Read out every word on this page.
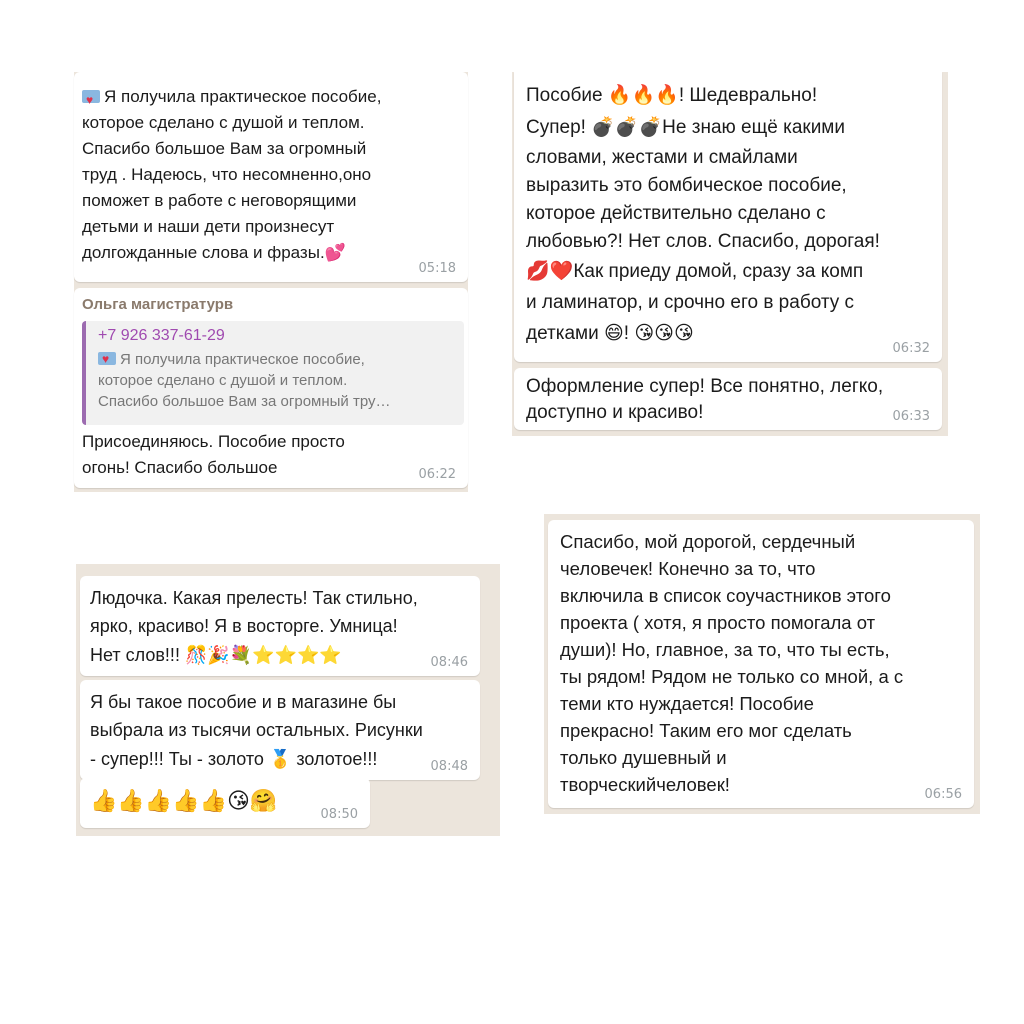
♥Я получила практическое пособие,
которое сделано с душой и теплом.
Спасибо большое Вам за огромный
труд . Надеюсь, что несомненно,оно
поможет в работе с неговорящими
детьми и наши дети произнесут
долгожданные слова и фразы.💕

05:18
Ольга магистратурв

+7 926 337-61-29

♥Я получила практическое пособие,
которое сделано с душой и теплом.
Спасибо большое Вам за огромный тру…

Присоединяюсь. Пособие просто
огонь! Спасибо большое	06:22

Пособие 🔥🔥🔥! Шедеврально!

Супер! 💣💣💣Не знаю ещё какими

словами, жестами и смайлами
выразить это бомбическое пособие,
которое действительно сделано с
любовью?! Нет слов. Спасибо, дорогая!

💋❤️Как приеду домой, сразу за комп

и ламинатор, и срочно его в работу с

детками 😄! 😘😘😘

06:32

Оформление супер! Все понятно, легко,
доступно и красиво!	06:33

Людочка. Какая прелесть! Так стильно,
ярко, красиво! Я в восторге. Умница!

Нет слов!!! 🎊🎉💐⭐⭐⭐⭐	08:46

Я бы такое пособие и в магазине бы
выбрала из тысячи остальных. Рисунки

- супер!!! Ты - золото 🥇 золотое!!!	08:48

👍👍👍👍👍😘🤗

08:50

Спасибо, мой дорогой, сердечный
человечек! Конечно за то, что
включила в список соучастников этого
проекта ( хотя, я просто помогала от
души)! Но, главное, за то, что ты есть,
ты рядом! Рядом не только со мной, а с
теми кто нуждается! Пособие
прекрасно! Таким его мог сделать
только душевный и
творческийчеловек!	06:56
